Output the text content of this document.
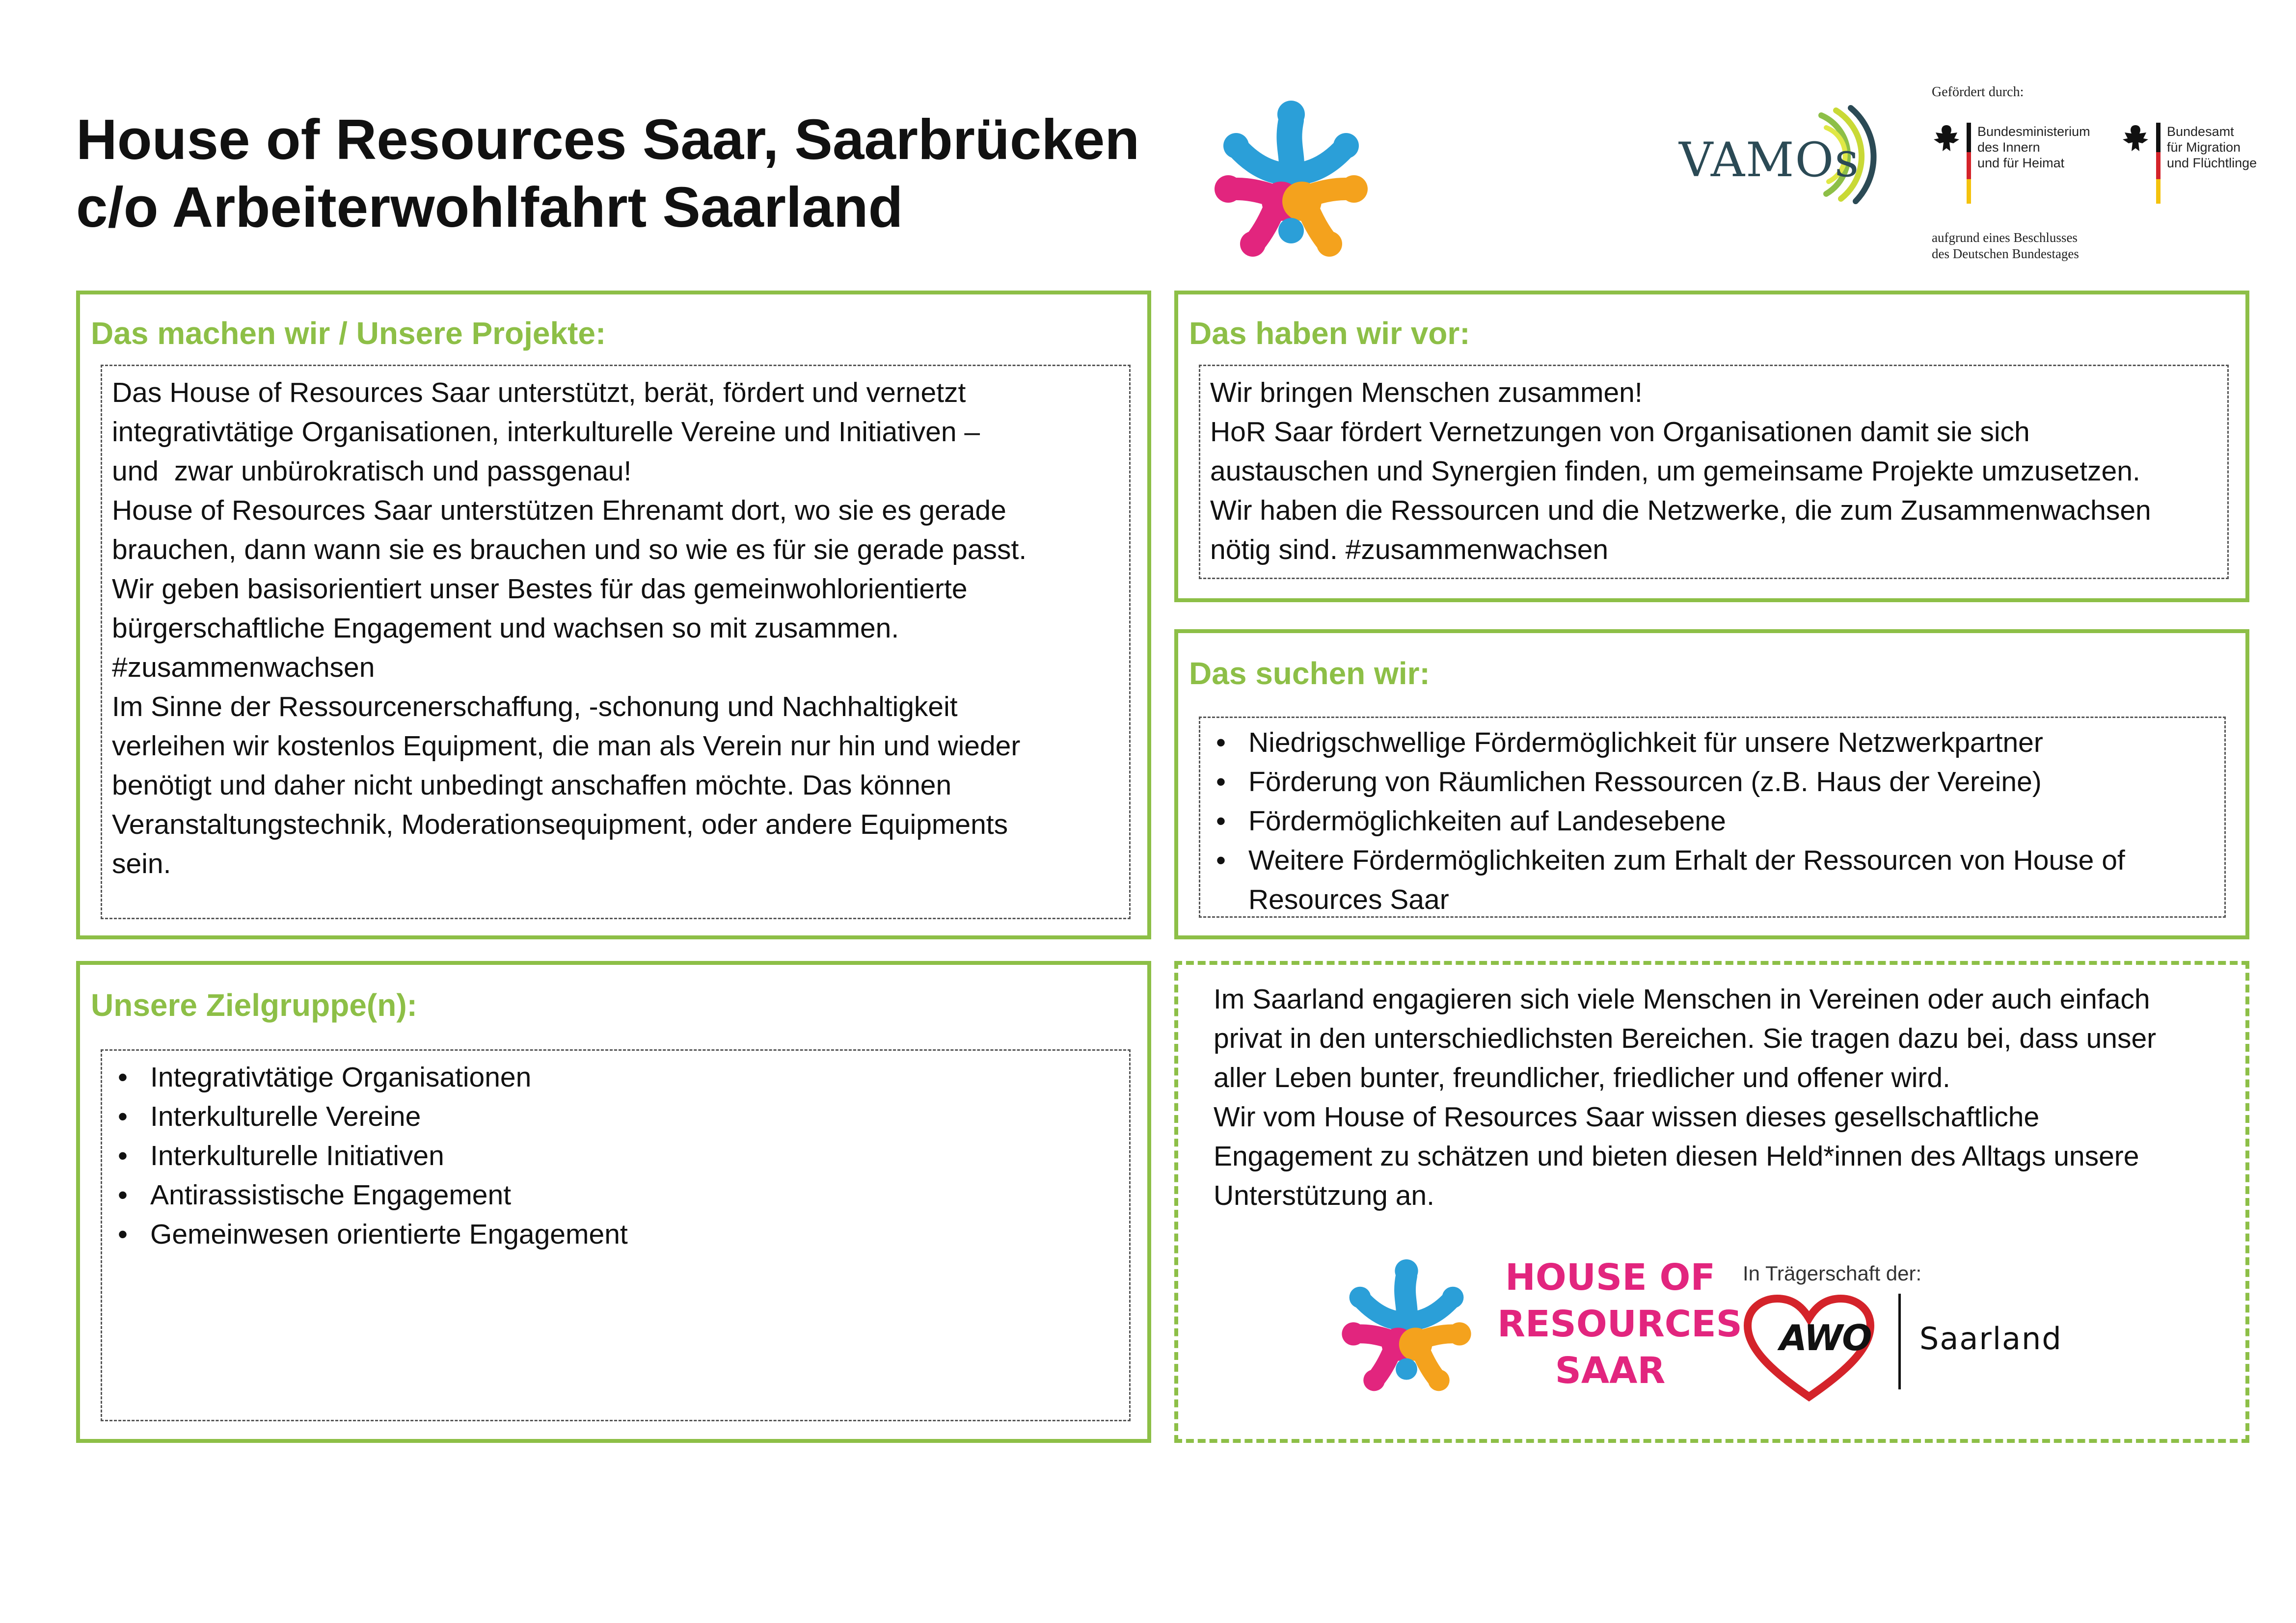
House of Resources Saar, Saarbrücken
c/o Arbeiterwohlfahrt Saarland
VAMOs
Gefördert durch:
Bundesministerium
des Innern
und für Heimat
Bundesamt
für Migration
und Flüchtlinge
aufgrund eines Beschlusses
des Deutschen Bundestages
Das machen wir / Unsere Projekte:

Das House of Resources Saar unterstützt, berät, fördert und vernetzt

integrativtätige Organisationen, interkulturelle Vereine und Initiativen –

und  zwar unbürokratisch und passgenau!

House of Resources Saar unterstützen Ehrenamt dort, wo sie es gerade

brauchen, dann wann sie es brauchen und so wie es für sie gerade passt.

Wir geben basisorientiert unser Bestes für das gemeinwohlorientierte

bürgerschaftliche Engagement und wachsen so mit zusammen.

#zusammenwachsen

Im Sinne der Ressourcenerschaffung, -schonung und Nachhaltigkeit

verleihen wir kostenlos Equipment, die man als Verein nur hin und wieder

benötigt und daher nicht unbedingt anschaffen möchte. Das können

Veranstaltungstechnik, Moderationsequipment, oder andere Equipments

sein.

Das haben wir vor:

Wir bringen Menschen zusammen!

HoR Saar fördert Vernetzungen von Organisationen damit sie sich

austauschen und Synergien finden, um gemeinsame Projekte umzusetzen.

Wir haben die Ressourcen und die Netzwerke, die zum Zusammenwachsen

nötig sind. #zusammenwachsen

Das suchen wir:
• Niedrigschwellige Fördermöglichkeit für unsere Netzwerkpartner
• Förderung von Räumlichen Ressourcen (z.B. Haus der Vereine)
• Fördermöglichkeiten auf Landesebene
• Weitere Fördermöglichkeiten zum Erhalt der Ressourcen von House of Resources Saar
Unsere Zielgruppe(n):
• Integrativtätige Organisationen
• Interkulturelle Vereine
• Interkulturelle Initiativen
• Antirassistische Engagement
• Gemeinwesen orientierte Engagement
Im Saarland engagieren sich viele Menschen in Vereinen oder auch einfach
privat in den unterschiedlichsten Bereichen. Sie tragen dazu bei, dass unser
aller Leben bunter, freundlicher, friedlicher und offener wird.
Wir vom House of Resources Saar wissen dieses gesellschaftliche
Engagement zu schätzen und bieten diesen Held*innen des Alltags unsere
Unterstützung an.
HOUSE OF
RESOURCES
SAAR
In Trägerschaft der:
AWO Saarland
